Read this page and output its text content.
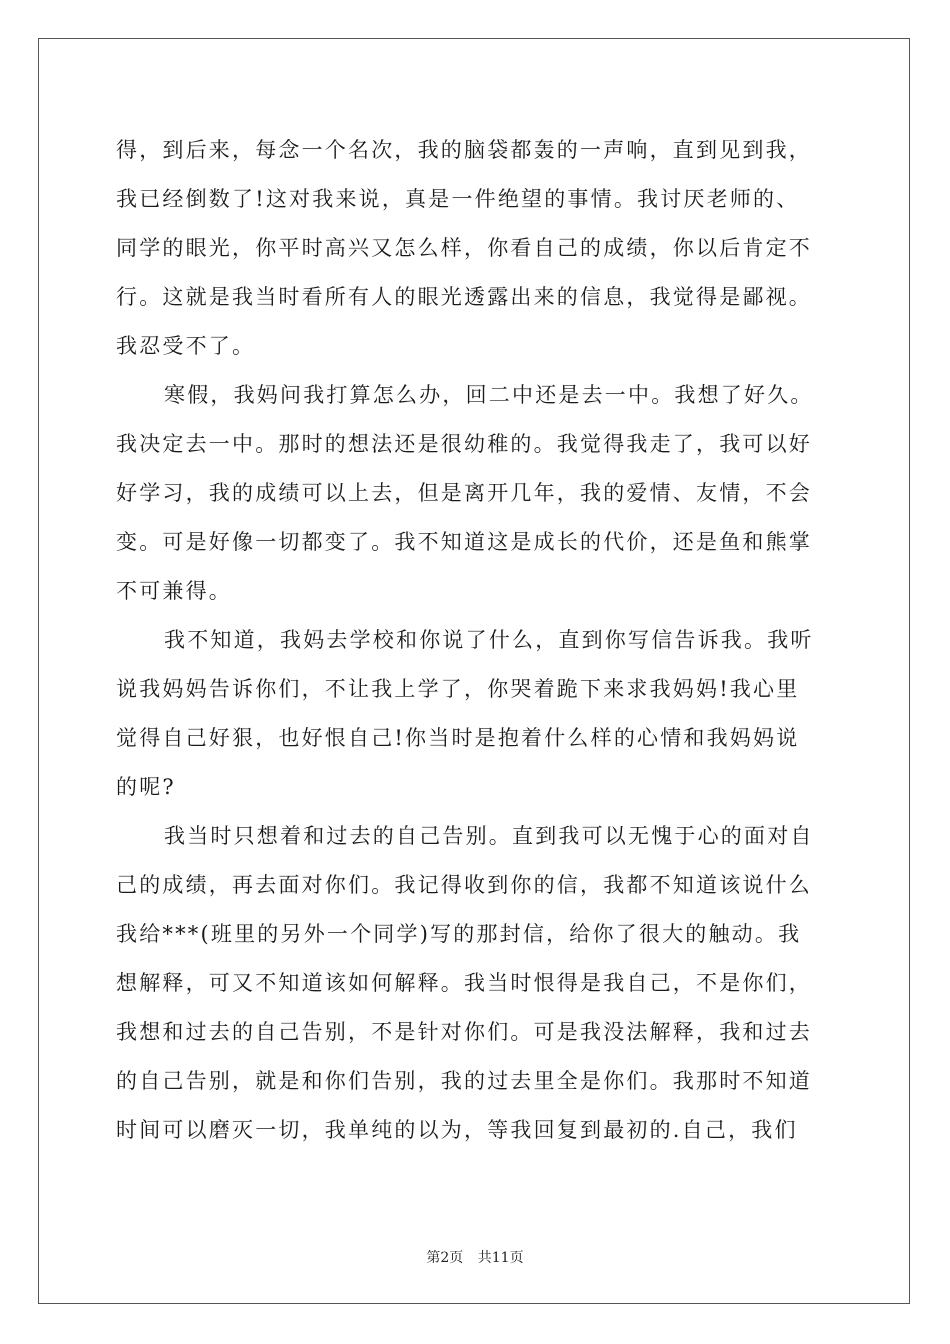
得，到后来，每念一个名次，我的脑袋都轰的一声响，直到见到我，
我已经倒数了!这对我来说，真是一件绝望的事情。我讨厌老师的、
同学的眼光，你平时高兴又怎么样，你看自己的成绩，你以后肯定不
行。这就是我当时看所有人的眼光透露出来的信息，我觉得是鄙视。
我忍受不了。
寒假，我妈问我打算怎么办，回二中还是去一中。我想了好久。
我决定去一中。那时的想法还是很幼稚的。我觉得我走了，我可以好
好学习，我的成绩可以上去，但是离开几年，我的爱情、友情，不会
变。可是好像一切都变了。我不知道这是成长的代价，还是鱼和熊掌
不可兼得。
我不知道，我妈去学校和你说了什么，直到你写信告诉我。我听
说我妈妈告诉你们，不让我上学了，你哭着跪下来求我妈妈!我心里
觉得自己好狠，也好恨自己!你当时是抱着什么样的心情和我妈妈说
的呢?
我当时只想着和过去的自己告别。直到我可以无愧于心的面对自
己的成绩，再去面对你们。我记得收到你的信，我都不知道该说什么
我给***(班里的另外一个同学)写的那封信，给你了很大的触动。我
想解释，可又不知道该如何解释。我当时恨得是我自己，不是你们，
我想和过去的自己告别，不是针对你们。可是我没法解释，我和过去
的自己告别，就是和你们告别，我的过去里全是你们。我那时不知道
时间可以磨灭一切，我单纯的以为，等我回复到最初的.自己，我们
第2页 共11页
